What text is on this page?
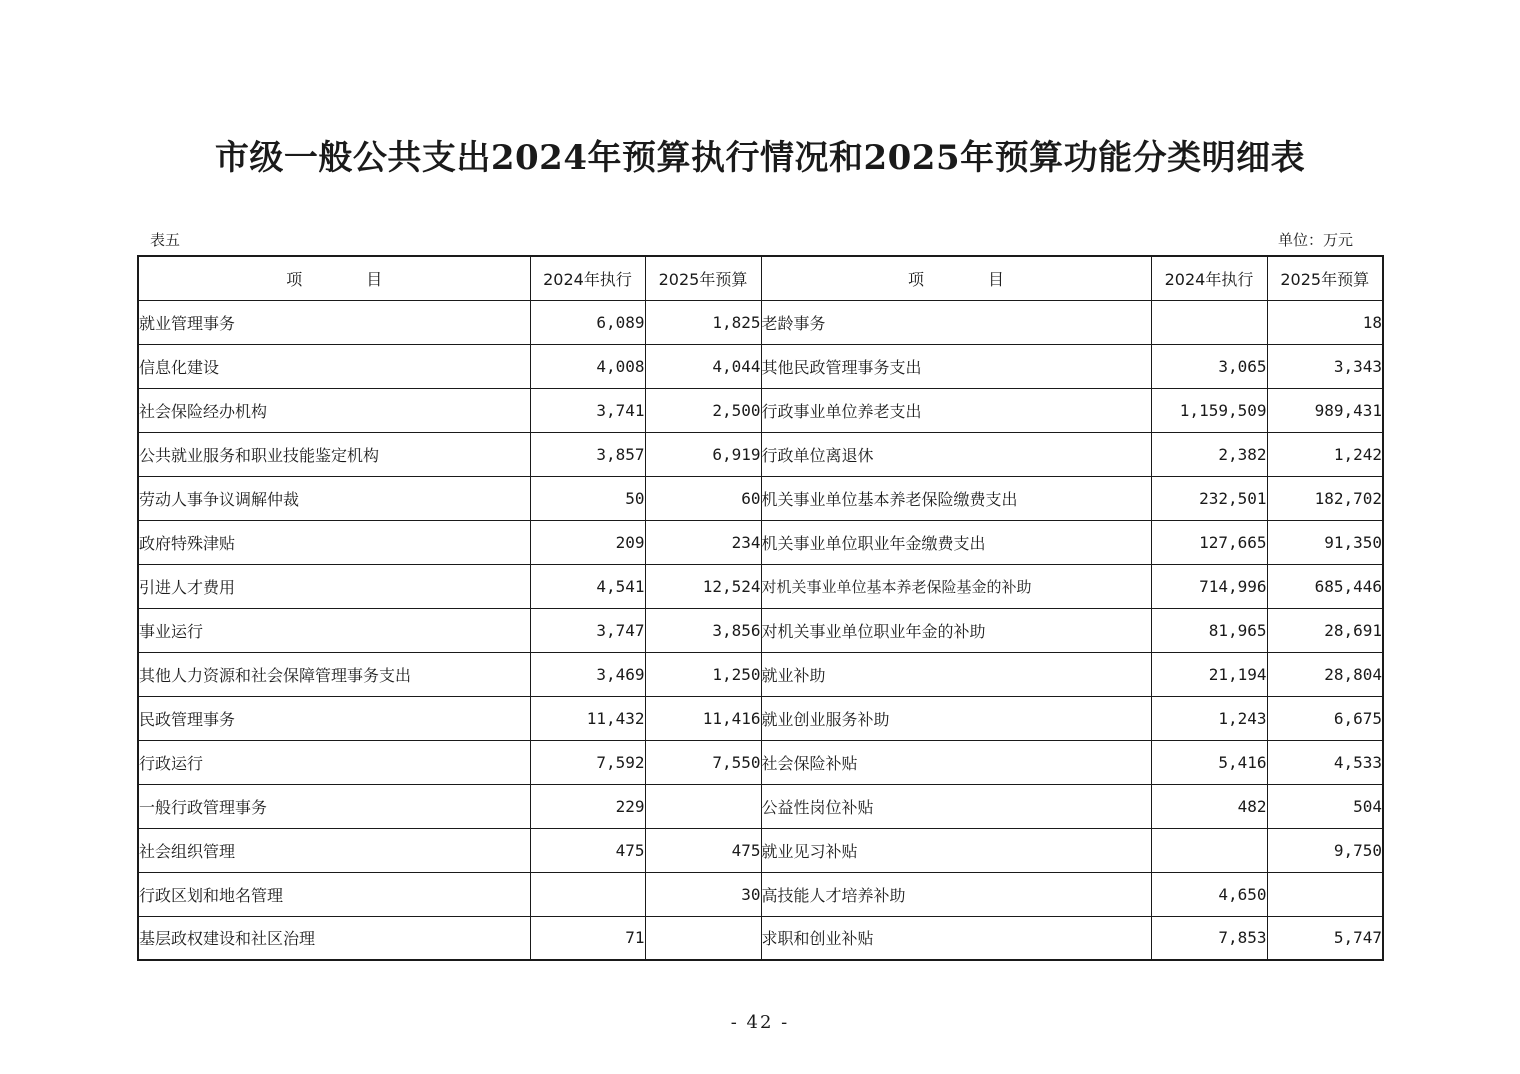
市级一般公共支出2024年预算执行情况和2025年预算功能分类明细表
表五	单位：万元
项　　　　目	2024年执行	2025年预算	项　　　　目	2024年执行	2025年预算
就业管理事务	6,089	1,825	老龄事务		18
信息化建设	4,008	4,044	其他民政管理事务支出	3,065	3,343
社会保险经办机构	3,741	2,500	行政事业单位养老支出	1,159,509	989,431
公共就业服务和职业技能鉴定机构	3,857	6,919	行政单位离退休	2,382	1,242
劳动人事争议调解仲裁	50	60	机关事业单位基本养老保险缴费支出	232,501	182,702
政府特殊津贴	209	234	机关事业单位职业年金缴费支出	127,665	91,350
引进人才费用	4,541	12,524	对机关事业单位基本养老保险基金的补助	714,996	685,446
事业运行	3,747	3,856	对机关事业单位职业年金的补助	81,965	28,691
其他人力资源和社会保障管理事务支出	3,469	1,250	就业补助	21,194	28,804
民政管理事务	11,432	11,416	就业创业服务补助	1,243	6,675
行政运行	7,592	7,550	社会保险补贴	5,416	4,533
一般行政管理事务	229		公益性岗位补贴	482	504
社会组织管理	475	475	就业见习补贴		9,750
行政区划和地名管理		30	高技能人才培养补助	4,650	
基层政权建设和社区治理	71		求职和创业补贴	7,853	5,747
- 42 -
